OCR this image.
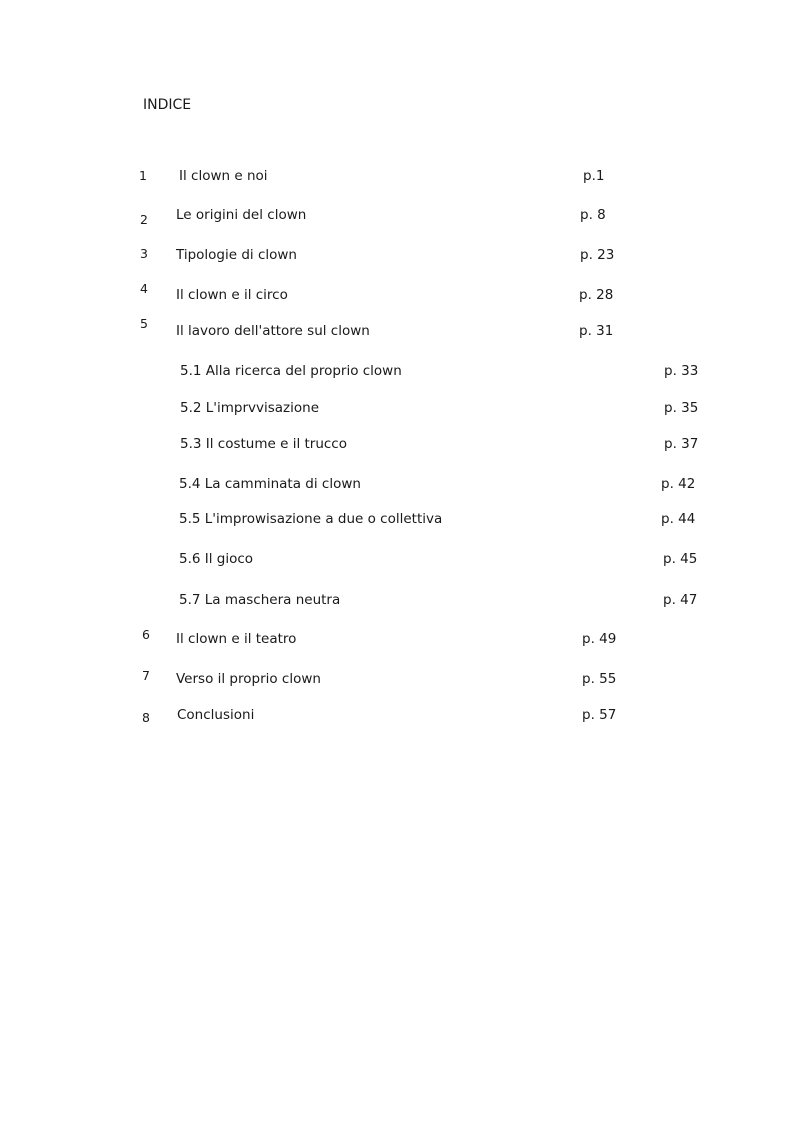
INDICE
1 Il clown e noi	p.1
2 Le origini del clown	p. 8
3 Tipologie di clown	p. 23
4 Il clown e il circo	p. 28
5 Il lavoro dell'attore sul clown	p. 31
5.1 Alla ricerca del proprio clown	p. 33
5.2 L'imprvvisazione	p. 35
5.3 Il costume e il trucco	p. 37
5.4 La camminata di clown	p. 42
5.5 L'improwisazione a due o collettiva	p. 44
5.6 Il gioco	p. 45
5.7 La maschera neutra	p. 47
6 Il clown e il teatro	p. 49
7 Verso il proprio clown	p. 55
8 Conclusioni	p. 57
